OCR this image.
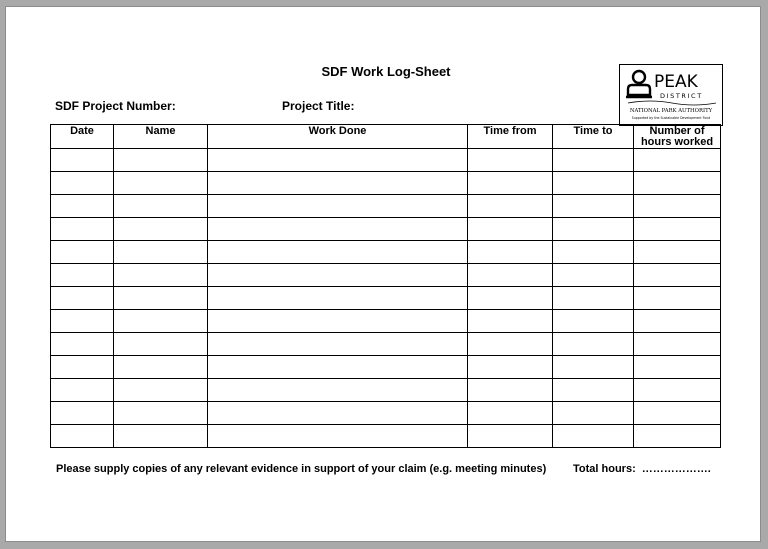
SDF Work Log-Sheet
SDF Project Number:	Project Title:
PEAK
DISTRICT
NATIONAL PARK AUTHORITY
Supported by the Sustainable Development Fund
Date	Name	Work Done	Time from	Time to	Number of
hours worked

Please supply copies of any relevant evidence in support of your claim (e.g. meeting minutes) Total hours: ……………….
